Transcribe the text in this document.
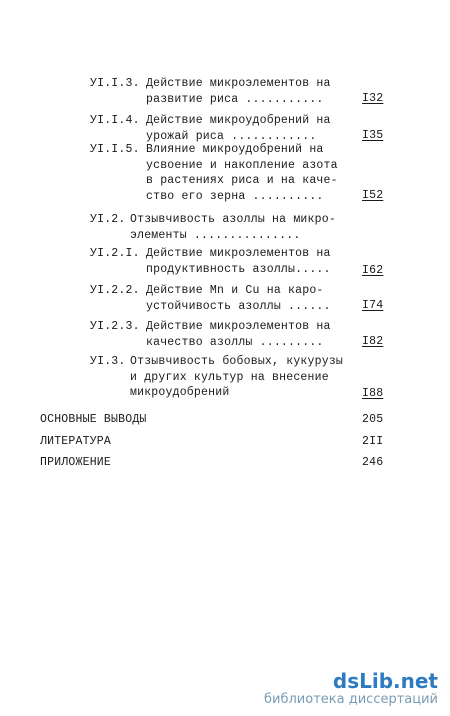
УI.I.3. Действие микроэлементов на
развитие риса ...........	I32
УI.I.4. Действие микроудобрений на
урожай риса ............	I35
УI.I.5. Влияние микроудобрений на
усвоение и накопление азота
в растениях риса и на каче-
ство его зерна ..........	I52
УI.2. Отзывчивость азоллы на микро-
элементы ...............
УI.2.I. Действие микроэлементов на
продуктивность азоллы.....	I62
УI.2.2. Действие Mn и Cu на каро-
устойчивость азоллы ......	I74
УI.2.3. Действие микроэлементов на
качество азоллы .........	I82
УI.3. Отзывчивость бобовых, кукурузы
и других культур на внесение
микроудобрений	I88
ОСНОВНЫЕ ВЫВОДЫ	205
ЛИТЕРАТУРА	2II
ПРИЛОЖЕНИЕ	246
dsLib.net
библиотека диссертаций
